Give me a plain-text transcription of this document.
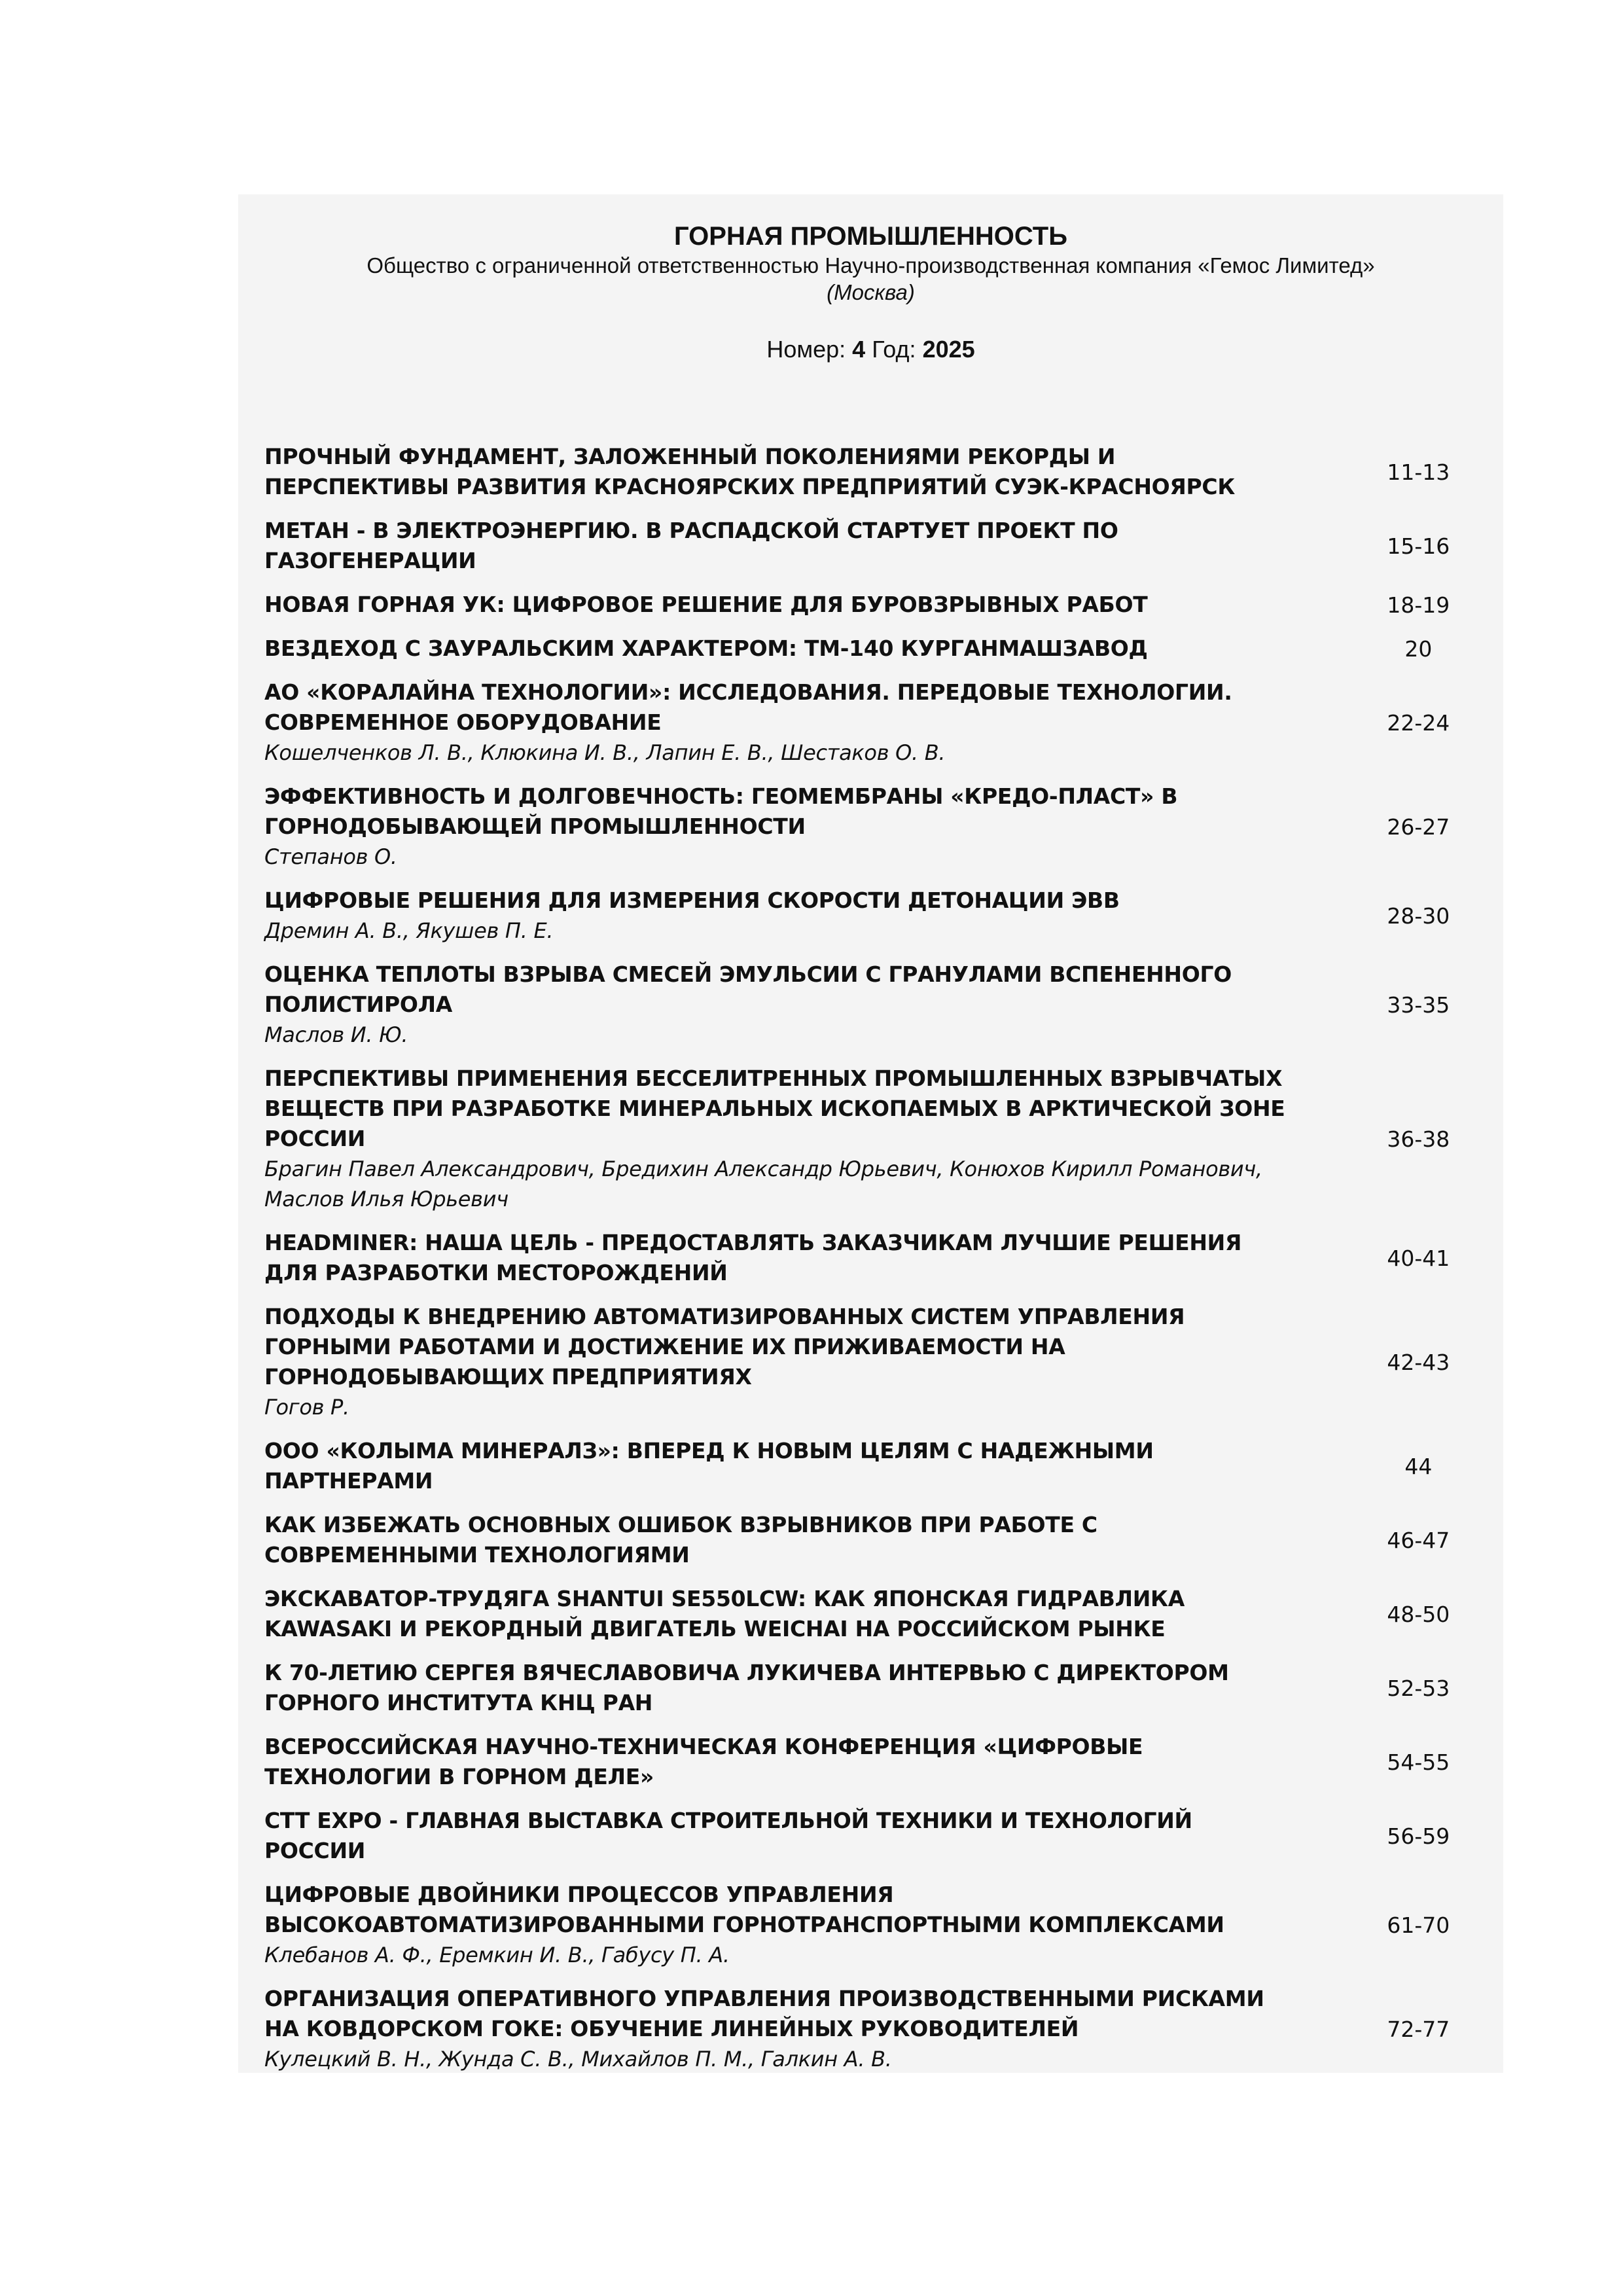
ГОРНАЯ ПРОМЫШЛЕННОСТЬ
Общество с ограниченной ответственностью Научно-производственная компания «Гемос Лимитед»
(Москва)
Номер: 4 Год: 2025
ПРОЧНЫЙ ФУНДАМЕНТ, ЗАЛОЖЕННЫЙ ПОКОЛЕНИЯМИ РЕКОРДЫ И
ПЕРСПЕКТИВЫ РАЗВИТИЯ КРАСНОЯРСКИХ ПРЕДПРИЯТИЙ СУЭК-КРАСНОЯРСК
11-13
МЕТАН - В ЭЛЕКТРОЭНЕРГИЮ. В РАСПАДСКОЙ СТАРТУЕТ ПРОЕКТ ПО
ГАЗОГЕНЕРАЦИИ
15-16
НОВАЯ ГОРНАЯ УК: ЦИФРОВОЕ РЕШЕНИЕ ДЛЯ БУРОВЗРЫВНЫХ РАБОТ	18-19
ВЕЗДЕХОД С ЗАУРАЛЬСКИМ ХАРАКТЕРОМ: ТМ-140 КУРГАНМАШЗАВОД	20
АО «КОРАЛАЙНА ТЕХНОЛОГИИ»: ИССЛЕДОВАНИЯ. ПЕРЕДОВЫЕ ТЕХНОЛОГИИ.
СОВРЕМЕННОЕ ОБОРУДОВАНИЕ
Кошелченков Л. В., Клюкина И. В., Лапин Е. В., Шестаков О. В.
22-24
ЭФФЕКТИВНОСТЬ И ДОЛГОВЕЧНОСТЬ: ГЕОМЕМБРАНЫ «КРЕДО-ПЛАСТ» В
ГОРНОДОБЫВАЮЩЕЙ ПРОМЫШЛЕННОСТИ
Степанов О.
26-27
ЦИФРОВЫЕ РЕШЕНИЯ ДЛЯ ИЗМЕРЕНИЯ СКОРОСТИ ДЕТОНАЦИИ ЭВВ
Дремин А. В., Якушев П. Е.
28-30
ОЦЕНКА ТЕПЛОТЫ ВЗРЫВА СМЕСЕЙ ЭМУЛЬСИИ С ГРАНУЛАМИ ВСПЕНЕННОГО
ПОЛИСТИРОЛА
Маслов И. Ю.
33-35
ПЕРСПЕКТИВЫ ПРИМЕНЕНИЯ БЕССЕЛИТРЕННЫХ ПРОМЫШЛЕННЫХ ВЗРЫВЧАТЫХ
ВЕЩЕСТВ ПРИ РАЗРАБОТКЕ МИНЕРАЛЬНЫХ ИСКОПАЕМЫХ В АРКТИЧЕСКОЙ ЗОНЕ
РОССИИ
Брагин Павел Александрович, Бредихин Александр Юрьевич, Конюхов Кирилл Романович,
Маслов Илья Юрьевич
36-38
HEADMINER: НАША ЦЕЛЬ - ПРЕДОСТАВЛЯТЬ ЗАКАЗЧИКАМ ЛУЧШИЕ РЕШЕНИЯ
ДЛЯ РАЗРАБОТКИ МЕСТОРОЖДЕНИЙ
40-41
ПОДХОДЫ К ВНЕДРЕНИЮ АВТОМАТИЗИРОВАННЫХ СИСТЕМ УПРАВЛЕНИЯ
ГОРНЫМИ РАБОТАМИ И ДОСТИЖЕНИЕ ИХ ПРИЖИВАЕМОСТИ НА
ГОРНОДОБЫВАЮЩИХ ПРЕДПРИЯТИЯХ
Гогов Р.
42-43
ООО «КОЛЫМА МИНЕРАЛЗ»: ВПЕРЕД К НОВЫМ ЦЕЛЯМ С НАДЕЖНЫМИ
ПАРТНЕРАМИ
44
КАК ИЗБЕЖАТЬ ОСНОВНЫХ ОШИБОК ВЗРЫВНИКОВ ПРИ РАБОТЕ С
СОВРЕМЕННЫМИ ТЕХНОЛОГИЯМИ
46-47
ЭКСКАВАТОР-ТРУДЯГА SHANTUI SE550LCW: КАК ЯПОНСКАЯ ГИДРАВЛИКА
KAWASAKI И РЕКОРДНЫЙ ДВИГАТЕЛЬ WEICHAI НА РОССИЙСКОМ РЫНКЕ
48-50
К 70-ЛЕТИЮ СЕРГЕЯ ВЯЧЕСЛАВОВИЧА ЛУКИЧЕВА ИНТЕРВЬЮ С ДИРЕКТОРОМ
ГОРНОГО ИНСТИТУТА КНЦ РАН
52-53
ВСЕРОССИЙСКАЯ НАУЧНО-ТЕХНИЧЕСКАЯ КОНФЕРЕНЦИЯ «ЦИФРОВЫЕ
ТЕХНОЛОГИИ В ГОРНОМ ДЕЛЕ»
54-55
CTT EXPO - ГЛАВНАЯ ВЫСТАВКА СТРОИТЕЛЬНОЙ ТЕХНИКИ И ТЕХНОЛОГИЙ
РОССИИ
56-59
ЦИФРОВЫЕ ДВОЙНИКИ ПРОЦЕССОВ УПРАВЛЕНИЯ
ВЫСОКОАВТОМАТИЗИРОВАННЫМИ ГОРНОТРАНСПОРТНЫМИ КОМПЛЕКСАМИ
Клебанов А. Ф., Еремкин И. В., Габусу П. А.
61-70
ОРГАНИЗАЦИЯ ОПЕРАТИВНОГО УПРАВЛЕНИЯ ПРОИЗВОДСТВЕННЫМИ РИСКАМИ
НА КОВДОРСКОМ ГОКЕ: ОБУЧЕНИЕ ЛИНЕЙНЫХ РУКОВОДИТЕЛЕЙ
Кулецкий В. Н., Жунда С. В., Михайлов П. М., Галкин А. В.
72-77
